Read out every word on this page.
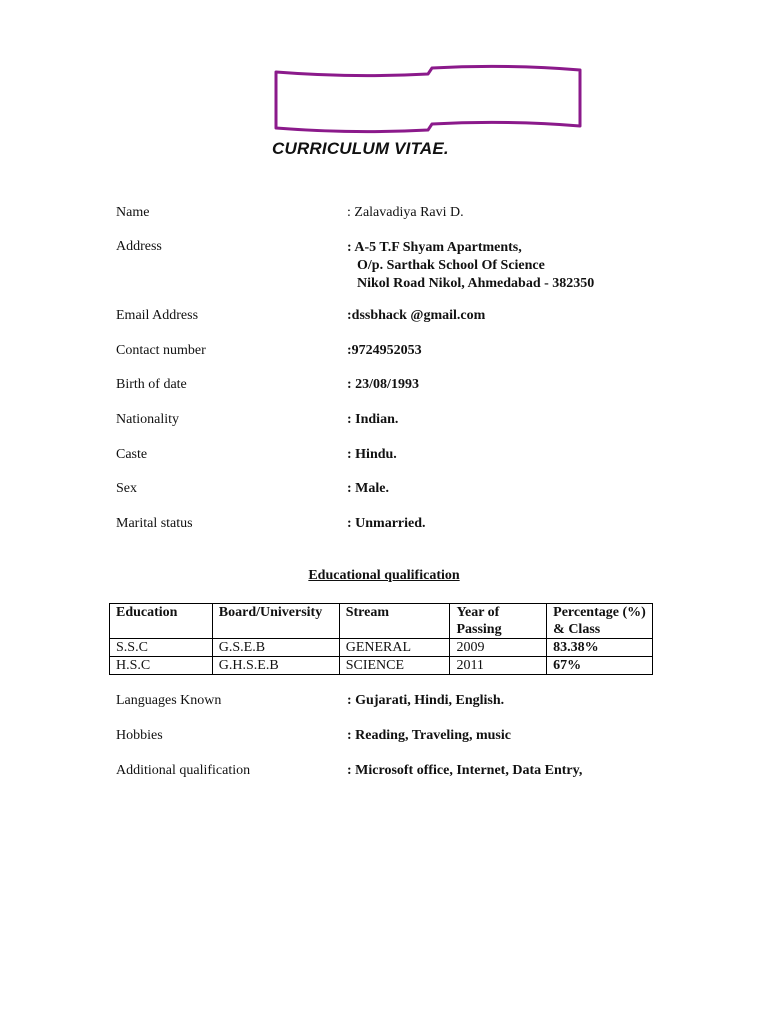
CURRICULUM VITAE.
Name	: Zalavadiya Ravi D.
Address	: A-5 T.F Shyam Apartments,
O/p. Sarthak School Of Science
Nikol Road Nikol, Ahmedabad - 382350
Email Address	:dssbhack @gmail.com
Contact number	:9724952053
Birth of date	: 23/08/1993
Nationality	: Indian.
Caste	: Hindu.
Sex	: Male.
Marital status	: Unmarried.
Educational qualification
Education	Board/University	Stream	Year of Passing	Percentage (%) & Class
S.S.C	G.S.E.B	GENERAL	2009	83.38%
H.S.C	G.H.S.E.B	SCIENCE	2011	67%
Languages Known	: Gujarati, Hindi, English.
Hobbies	: Reading, Traveling, music
Additional qualification	: Microsoft office, Internet, Data Entry,
